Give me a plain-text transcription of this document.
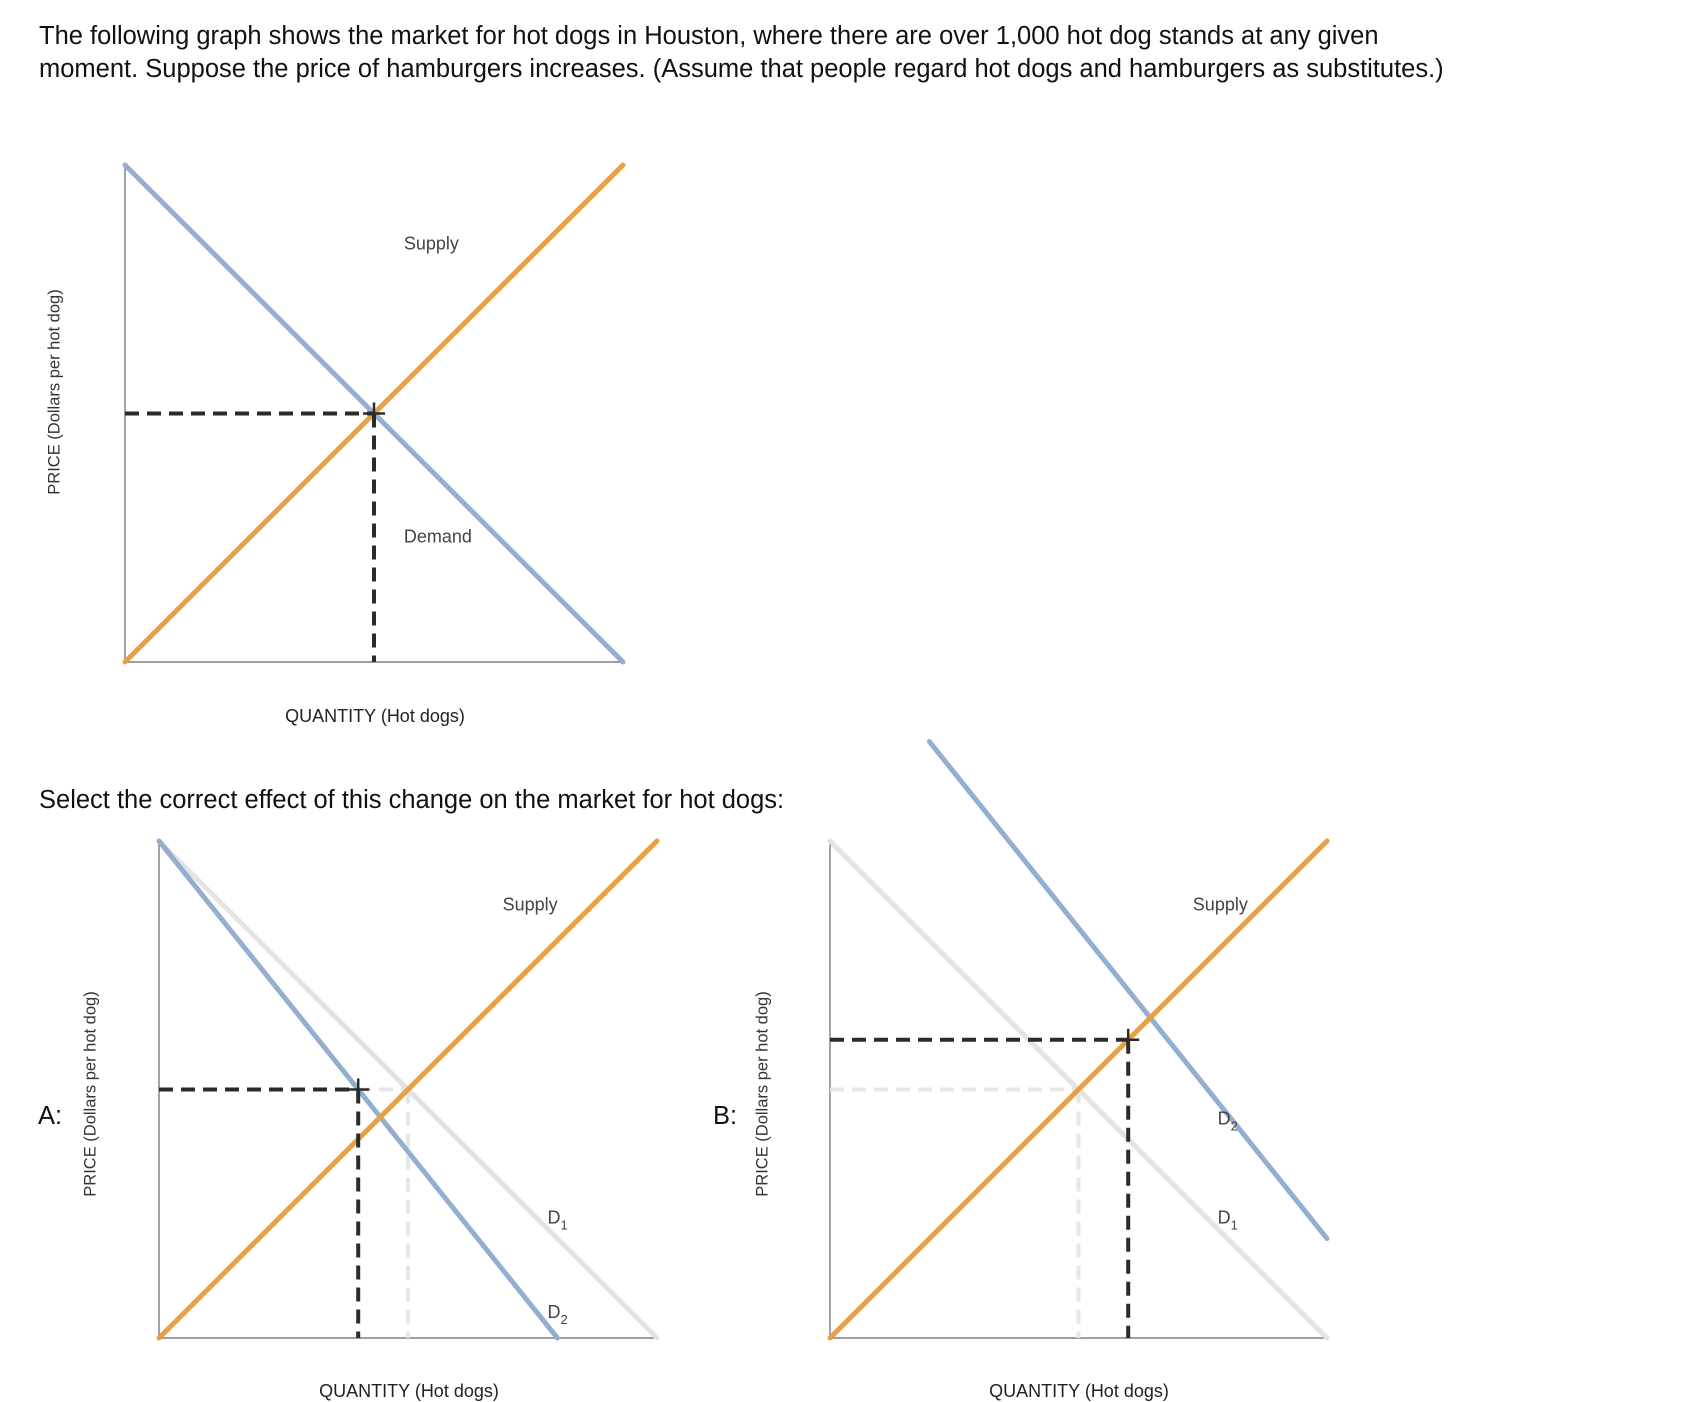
The following graph shows the market for hot dogs in Houston, where there are over 1,000 hot dog stands at any given

moment. Suppose the price of hamburgers increases. (Assume that people regard hot dogs and hamburgers as substitutes.)

PRICE (Dollars per hot dog)
QUANTITY (Hot dogs)
Select the correct effect of this change on the market for hot dogs:
A: PRICE (Dollars per hot dog)
QUANTITY (Hot dogs)
B: PRICE (Dollars per hot dog)
QUANTITY (Hot dogs)
Supply
Demand
$D_1$
$D_2$
Supply
$D_1$
$D_2$
Supply
